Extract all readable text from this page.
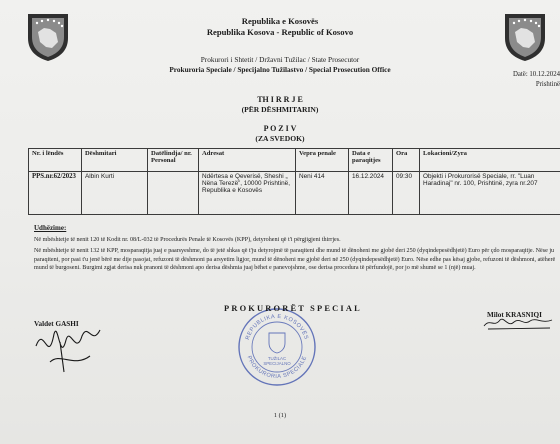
Republika e Kosovës
Republika Kosova - Republic of Kosovo
Prokurori i Shtetit / Državni Tužilac / State Prosecutor
Prokuroria Speciale / Specijalno Tužilastvo / Special Prosecution Office
Datë: 10.12.2024
Prishtinë
TH I R R J E
(PËR DËSHMITARIN)
P O Z I V
(ZA SVEDOK)
Nr. i lëndës	Dëshmitari	Datëlindja/ nr. Personal	Adresat	Vepra penale	Data e paraqitjes	Ora	Lokacioni/Zyra
PPS.nr.62/2023	Albin Kurti		Ndërtesa e Qeverisë, Sheshi „ Nëna Terezë”, 10000 Prishtinë, Republika e Kosovës	Neni 414	16.12.2024	09:30	Objekti i Prokurorisë Speciale, rr. "Luan Haradinaj" nr. 100, Prishtinë, zyra nr.207
Udhëzime:
Në mbështetje të nenit 120 të Kodit nr. 08/L-032 të Procedurës Penale të Kosovës (KPP), detyroheni që t'i përgjigjeni thirrjes.
Në mbështetje të nenit 132 të KPP, mosparaqitja juaj e paarsyeshme, do të jetë shkas që t'ju detyrojmë të paraqiteni dhe mund të dënoheni me gjobë deri 250 (dyqindepesëdhjetë) Euro për çdo mosparaqitje. Nëse ju paraqiteni, por pasi t'u jenë bërë me dije pasojat, refuzoni të dëshmoni pa arsyetim ligjor, mund të dënoheni me gjobë deri në 250 (dyqindepesëdhjetë) Euro. Nëse edhe pas kësaj gjobe, refuzoni të dëshmoni, atëherë mund të burgoseni. Burgimi zgjat derisa nuk pranoni të dëshmoni apo derisa dëshmia juaj bëhet e panevojshme, ose derisa procedura të përfundojë, por jo më shumë se 1 (një) muaj.
REPUBLIKA E KOSOVËS
PROKURORIA SPECIALE
TUŽILAC
SPECIJALNO
PROKURORËT SPECIAL
Valdet GASHI
Milot KRASNIQI
1 (1)
